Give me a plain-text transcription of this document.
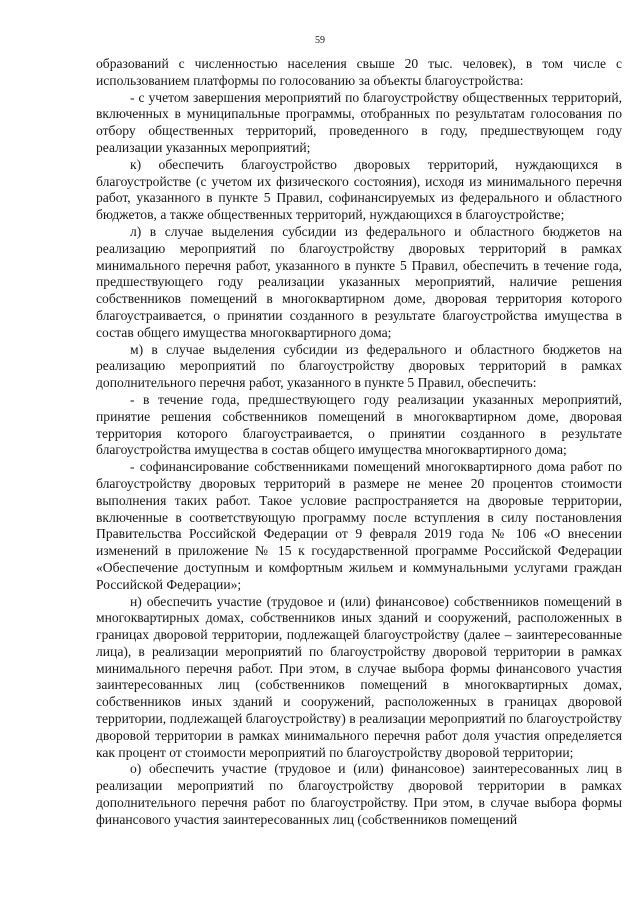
59

образований с численностью населения свыше 20 тыс. человек), в том числе с использованием платформы по голосованию за объекты благоустройства:

- с учетом завершения мероприятий по благоустройству общественных территорий, включенных в муниципальные программы, отобранных по результатам голосования по отбору общественных территорий, проведенного в году, предшествующем году реализации указанных мероприятий;

к) обеспечить благоустройство дворовых территорий, нуждающихся в благоустройстве (с учетом их физического состояния), исходя из минимального перечня работ, указанного в пункте 5 Правил, софинансируемых из федерального и областного бюджетов, а также общественных территорий, нуждающихся в благоустройстве;

л) в случае выделения субсидии из федерального и областного бюджетов на реализацию мероприятий по благоустройству дворовых территорий в рамках минимального перечня работ, указанного в пункте 5 Правил, обеспечить в течение года, предшествующего году реализации указанных мероприятий, наличие решения собственников помещений в многоквартирном доме, дворовая территория которого благоустраивается, о принятии созданного в результате благоустройства имущества в состав общего имущества многоквартирного дома;

м) в случае выделения субсидии из федерального и областного бюджетов на реализацию мероприятий по благоустройству дворовых территорий в рамках дополнительного перечня работ, указанного в пункте 5 Правил, обеспечить:

- в течение года, предшествующего году реализации указанных мероприятий, принятие решения собственников помещений в многоквартирном доме, дворовая территория которого благоустраивается, о принятии созданного в результате благоустройства имущества в состав общего имущества многоквартирного дома;

- софинансирование собственниками помещений многоквартирного дома работ по благоустройству дворовых территорий в размере не менее 20 процентов стоимости выполнения таких работ. Такое условие распространяется на дворовые территории, включенные в соответствующую программу после вступления в силу постановления Правительства Российской Федерации от 9 февраля 2019 года № 106 «О внесении изменений в приложение № 15 к государственной программе Российской Федерации «Обеспечение доступным и комфортным жильем и коммунальными услугами граждан Российской Федерации»;

н) обеспечить участие (трудовое и (или) финансовое) собственников помещений в многоквартирных домах, собственников иных зданий и сооружений, расположенных в границах дворовой территории, подлежащей благоустройству (далее – заинтересованные лица), в реализации мероприятий по благоустройству дворовой территории в рамках минимального перечня работ. При этом, в случае выбора формы финансового участия заинтересованных лиц (собственников помещений в многоквартирных домах, собственников иных зданий и сооружений, расположенных в границах дворовой территории, подлежащей благоустройству) в реализации мероприятий по благоустройству дворовой территории в рамках минимального перечня работ доля участия определяется как процент от стоимости мероприятий по благоустройству дворовой территории;

о) обеспечить участие (трудовое и (или) финансовое) заинтересованных лиц в реализации мероприятий по благоустройству дворовой территории в рамках дополнительного перечня работ по благоустройству. При этом, в случае выбора формы финансового участия заинтересованных лиц (собственников помещений
